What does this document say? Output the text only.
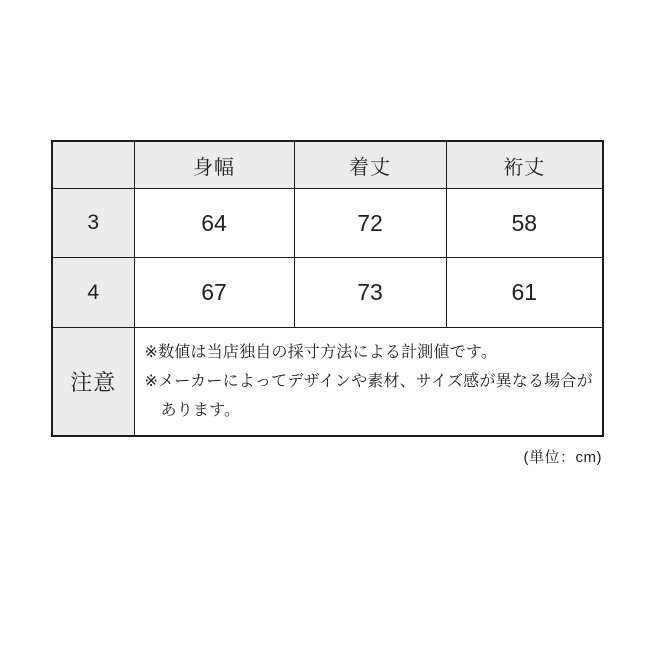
	身幅	着丈	裄丈
3	64	72	58
4	67	73	61
注意	※数値は当店独自の採寸方法による計測値です。
※メーカーによってデザインや素材、サイズ感が異なる場合が
あります。		
(単位：cm)
